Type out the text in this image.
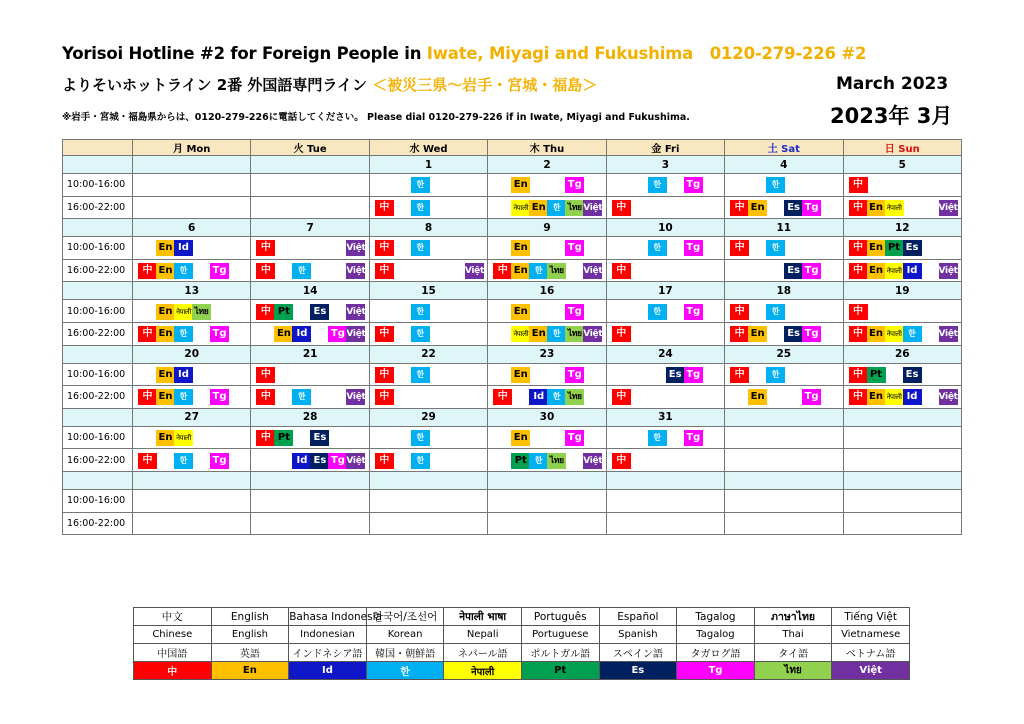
Yorisoi Hotline #2 for Foreign People in Iwate, Miyagi and Fukushima 0120-279-226 #2
よりそいホットライン 2番 外国語専門ライン ＜被災三県～岩手・宮城・福島＞
※岩手・宮城・福島県からは、0120-279-226に電話してください。 Please dial 0120-279-226 if in Iwate, Miyagi and Fukushima.
March 2023
2023年 3月
	月 Mon	火 Tue	水 Wed	木 Thu	金 Fri	土 Sat	日 Sun
			1	2	3	4	5
10:00-16:00			한	En Tg	한 Tg	한	中

16:00-22:00			中 한	नेपाली En 한 ไทย Việt	中	中 En Es Tg	中 En नेपाली Việt

	6	7	8	9	10	11	12
10:00-16:00	En Id	中 Việt	中 한	En Tg	한 Tg	中 한	中 En Pt Es

16:00-22:00	中 En 한 Tg	中 한 Việt	中 Việt	中 En 한 ไทย Việt	中	Es Tg	中 En नेपाली Id Việt

	13	14	15	16	17	18	19
10:00-16:00	En नेपाली ไทย	中 Pt Es Việt	한	En Tg	한 Tg	中 한	中

16:00-22:00	中 En 한 Tg	En Id Tg Việt	中 한	नेपाली En 한 ไทย Việt	中	中 En Es Tg	中 En नेपाली 한 Việt

	20	21	22	23	24	25	26
10:00-16:00	En Id	中	中 한	En Tg	Es Tg	中 한	中 Pt Es

16:00-22:00	中 En 한 Tg	中 한 Việt	中	中 Id 한 ไทย	中	En Tg	中 En नेपाली Id Việt

	27	28	29	30	31		
10:00-16:00	En नेपाली	中 Pt Es	한	En Tg	한 Tg		

16:00-22:00	中 한 Tg	Id Es Tg Việt	中 한	Pt 한 ไทย Việt	中		

10:00-16:00	

16:00-22:00	

中文	English	Bahasa Indonesia	한국어/조선어	नेपाली भाषा	Português	Español	Tagalog	ภาษาไทย	Tiếng Việt
Chinese	English	Indonesian	Korean	Nepali	Portuguese	Spanish	Tagalog	Thai	Vietnamese
中国語	英語	インドネシア語	韓国・朝鮮語	ネパール語	ポルトガル語	スペイン語	タガログ語	タイ語	ベトナム語
中	En	Id	한	नेपाली	Pt	Es	Tg	ไทย	Việt
